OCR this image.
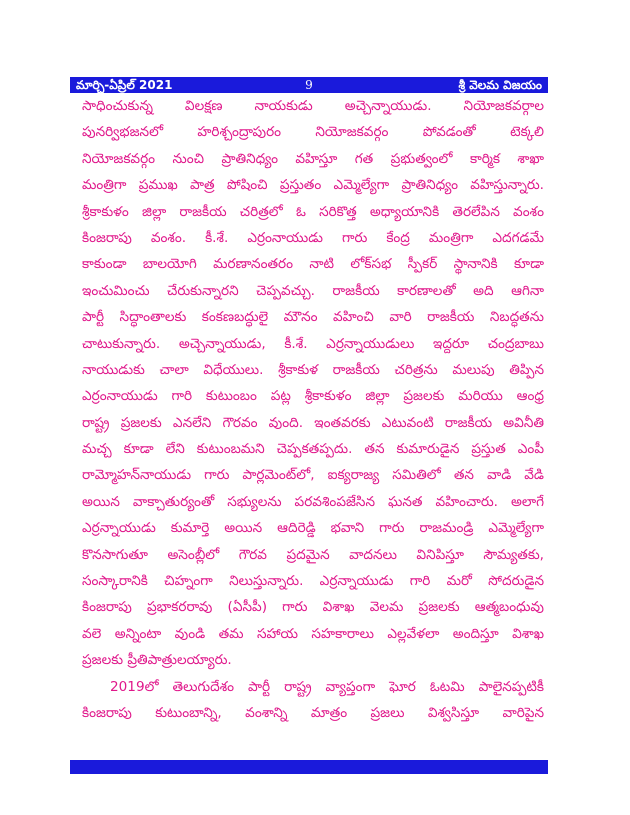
మార్చి-ఏప్రిల్ 2021	9	శ్రీ వెలమ విజయం
సాధించుకున్న విలక్షణ నాయకుడు అచ్చెన్నాయుడు. నియోజకవర్గాల
పునర్విభజనలో హరిశ్చంద్రాపురం నియోజకవర్గం పోవడంతో టెక్కలి
నియోజకవర్గం నుంచి ప్రాతినిధ్యం వహిస్తూ గత ప్రభుత్వంలో కార్మిక శాఖా
మంత్రిగా ప్రముఖ పాత్ర పోషించి ప్రస్తుతం ఎమ్మెల్యేగా ప్రాతినిధ్యం వహిస్తున్నారు.
శ్రీకాకుళం జిల్లా రాజకీయ చరిత్రలో ఓ సరికొత్త అధ్యాయానికి తెరలేపిన వంశం
కింజరాపు వంశం. కీ.శే. ఎర్రంనాయుడు గారు కేంద్ర మంత్రిగా ఎదగడమే
కాకుండా బాలయోగి మరణానంతరం నాటి లోక్‌సభ స్పీకర్ స్థానానికి కూడా
ఇంచుమించు చేరుకున్నారని చెప్పవచ్చు. రాజకీయ కారణాలతో అది ఆగినా
పార్టీ సిద్ధాంతాలకు కంకణబద్ధులై మౌనం వహించి వారి రాజకీయ నిబద్ధతను
చాటుకున్నారు. అచ్చెన్నాయుడు, కీ.శే. ఎర్రన్నాయుడులు ఇద్దరూ చంద్రబాబు
నాయుడుకు చాలా విధేయులు. శ్రీకాకుళ రాజకీయ చరిత్రను మలుపు తిప్పిన
ఎర్రంనాయుడు గారి కుటుంబం పట్ల శ్రీకాకుళం జిల్లా ప్రజలకు మరియు ఆంధ్ర
రాష్ట్ర ప్రజలకు ఎనలేని గౌరవం వుంది. ఇంతవరకు ఎటువంటి రాజకీయ అవినీతి
మచ్చ కూడా లేని కుటుంబమని చెప్పకతప్పదు. తన కుమారుడైన ప్రస్తుత ఎంపీ
రామ్మోహన్‌నాయుడు గారు పార్లమెంట్‌లో, ఐక్యరాజ్య సమితిలో తన వాడి వేడి
అయిన వాక్చాతుర్యంతో సభ్యులను పరవశింపజేసిన ఘనత వహించారు. అలాగే
ఎర్రన్నాయుడు కుమార్తె అయిన ఆదిరెడ్డి భవాని గారు రాజమండ్రి ఎమ్మెల్యేగా
కొనసాగుతూ అసెంబ్లీలో గౌరవ ప్రదమైన వాదనలు వినిపిస్తూ సౌమ్యతకు,
సంస్కారానికి చిహ్నంగా నిలుస్తున్నారు. ఎర్రన్నాయుడు గారి మరో సోదరుడైన
కింజరాపు ప్రభాకరరావు (ఏసీపీ) గారు విశాఖ వెలమ ప్రజలకు ఆత్మబంధువు
వలె అన్నింటా వుండి తమ సహాయ సహకారాలు ఎల్లవేళలా అందిస్తూ విశాఖ
ప్రజలకు ప్రీతిపాత్రులయ్యారు.
2019లో తెలుగుదేశం పార్టీ రాష్ట్ర వ్యాప్తంగా ఘోర ఓటమి పాలైనప్పటికీ
కింజరాపు కుటుంబాన్ని, వంశాన్ని మాత్రం ప్రజలు విశ్వసిస్తూ వారిపైన
